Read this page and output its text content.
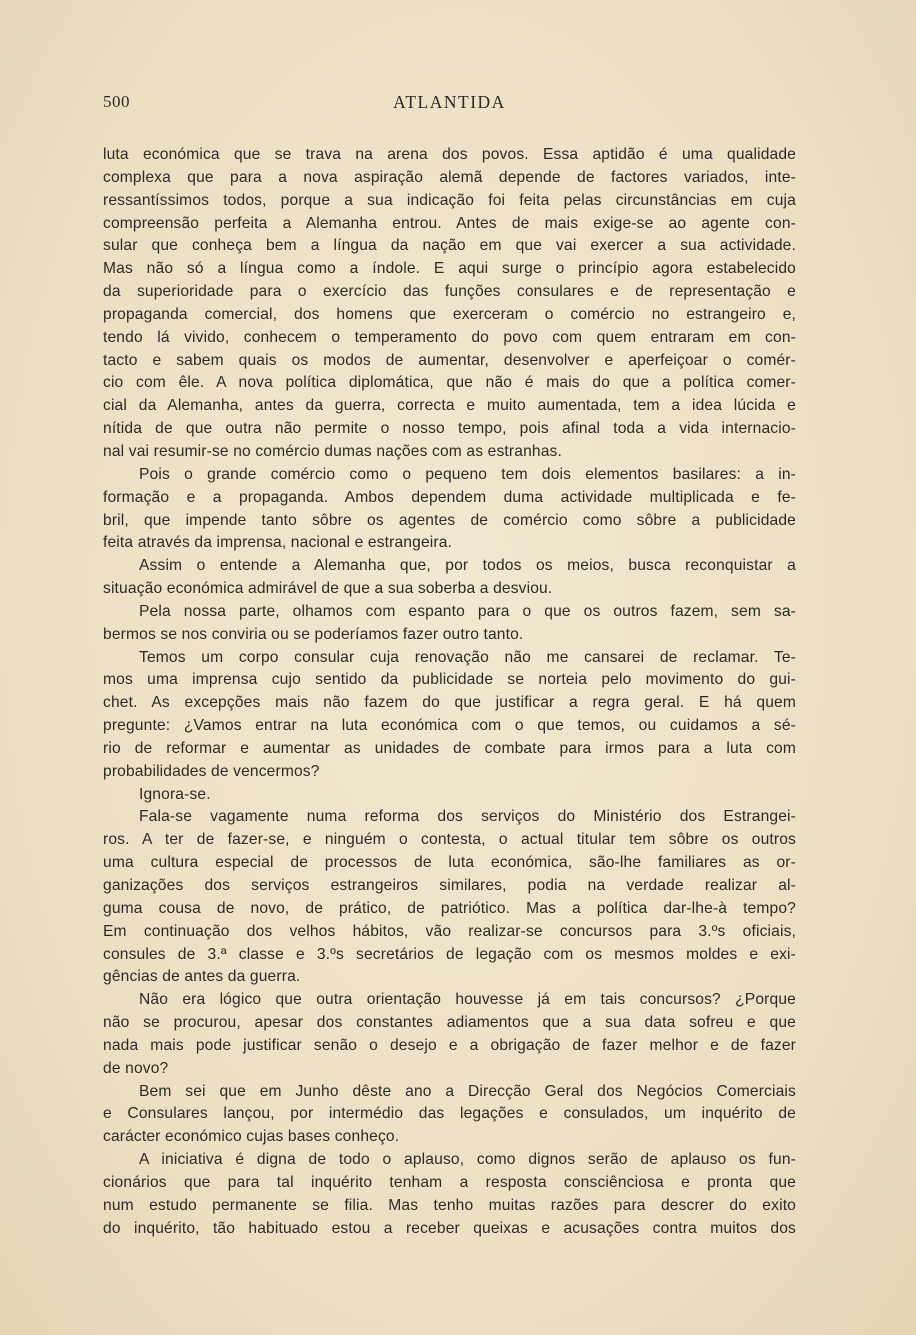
500	ATLANTIDA
luta económica que se trava na arena dos povos. Essa aptidão é uma qualidade
complexa que para a nova aspiração alemã depende de factores variados, inte-
ressantíssimos todos, porque a sua indicação foi feita pelas circunstâncias em cuja
compreensão perfeita a Alemanha entrou. Antes de mais exige-se ao agente con-
sular que conheça bem a língua da nação em que vai exercer a sua actividade.
Mas não só a língua como a índole. E aqui surge o princípio agora estabelecido
da superioridade para o exercício das funções consulares e de representação e
propaganda comercial, dos homens que exerceram o comércio no estrangeiro e,
tendo lá vivido, conhecem o temperamento do povo com quem entraram em con-
tacto e sabem quais os modos de aumentar, desenvolver e aperfeiçoar o comér-
cio com êle. A nova política diplomática, que não é mais do que a política comer-
cial da Alemanha, antes da guerra, correcta e muito aumentada, tem a idea lúcida e
nítida de que outra não permite o nosso tempo, pois afinal toda a vida internacio-
nal vai resumir-se no comércio dumas nações com as estranhas.
Pois o grande comércio como o pequeno tem dois elementos basilares: a in-
formação e a propaganda. Ambos dependem duma actividade multiplicada e fe-
bril, que impende tanto sôbre os agentes de comércio como sôbre a publicidade
feita através da imprensa, nacional e estrangeira.
Assim o entende a Alemanha que, por todos os meios, busca reconquistar a
situação económica admirável de que a sua soberba a desviou.
Pela nossa parte, olhamos com espanto para o que os outros fazem, sem sa-
bermos se nos conviria ou se poderíamos fazer outro tanto.
Temos um corpo consular cuja renovação não me cansarei de reclamar. Te-
mos uma imprensa cujo sentido da publicidade se norteia pelo movimento do gui-
chet. As excepções mais não fazem do que justificar a regra geral. E há quem
pregunte: ¿Vamos entrar na luta económica com o que temos, ou cuidamos a sé-
rio de reformar e aumentar as unidades de combate para irmos para a luta com
probabilidades de vencermos?
Ignora-se.
Fala-se vagamente numa reforma dos serviços do Ministério dos Estrangei-
ros. A ter de fazer-se, e ninguém o contesta, o actual titular tem sôbre os outros
uma cultura especial de processos de luta económica, são-lhe familiares as or-
ganizações dos serviços estrangeiros similares, podia na verdade realizar al-
guma cousa de novo, de prático, de patriótico. Mas a política dar-lhe-à tempo?
Em continuação dos velhos hábitos, vão realizar-se concursos para 3.ºs oficiais,
consules de 3.ª classe e 3.ºs secretários de legação com os mesmos moldes e exi-
gências de antes da guerra.
Não era lógico que outra orientação houvesse já em tais concursos? ¿Porque
não se procurou, apesar dos constantes adiamentos que a sua data sofreu e que
nada mais pode justificar senão o desejo e a obrigação de fazer melhor e de fazer
de novo?
Bem sei que em Junho dêste ano a Direcção Geral dos Negócios Comerciais
e Consulares lançou, por intermédio das legações e consulados, um inquérito de
carácter económico cujas bases conheço.
A iniciativa é digna de todo o aplauso, como dignos serão de aplauso os fun-
cionários que para tal inquérito tenham a resposta consciênciosa e pronta que
num estudo permanente se filia. Mas tenho muitas razões para descrer do exito
do inquérito, tão habituado estou a receber queixas e acusações contra muitos dos
